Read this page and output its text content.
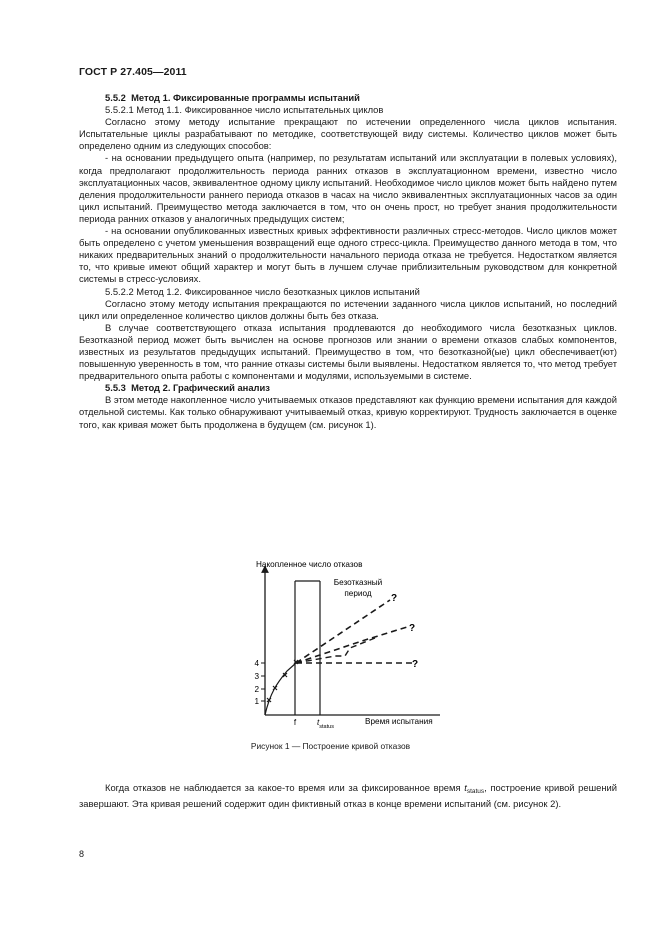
ГОСТ Р 27.405—2011

5.5.2 Метод 1. Фиксированные программы испытаний

5.5.2.1 Метод 1.1. Фиксированное число испытательных циклов

Согласно этому методу испытание прекращают по истечении определенного числа циклов испытания. Испытательные циклы разрабатывают по методике, соответствующей виду системы. Количество циклов может быть определено одним из следующих способов:

- на основании предыдущего опыта (например, по результатам испытаний или эксплуатации в полевых условиях), когда предполагают продолжительность периода ранних отказов в эксплуатационном времени, известно число эксплуатационных часов, эквивалентное одному циклу испытаний. Необходимое число циклов может быть найдено путем деления продолжительности раннего периода отказов в часах на число эквивалентных эксплуатационных часов за один цикл испытаний. Преимущество метода заключается в том, что он очень прост, но требует знания продолжительности периода ранних отказов у аналогичных предыдущих систем;

- на основании опубликованных известных кривых эффективности различных стресс-методов. Число циклов может быть определено с учетом уменьшения возвращений еще одного стресс-цикла. Преимущество данного метода в том, что никаких предварительных знаний о продолжительности начального периода отказа не требуется. Недостатком является то, что кривые имеют общий характер и могут быть в лучшем случае приблизительным руководством для конкретной системы в стресс-условиях.

5.5.2.2 Метод 1.2. Фиксированное число безотказных циклов испытаний

Согласно этому методу испытания прекращаются по истечении заданного числа циклов испытаний, но последний цикл или определенное количество циклов должны быть без отказа.

В случае соответствующего отказа испытания продлеваются до необходимого числа безотказных циклов. Безотказной период может быть вычислен на основе прогнозов или знании о времени отказов слабых компонентов, известных из результатов предыдущих испытаний. Преимущество в том, что безотказной(ые) цикл обеспечивает(ют) повышенную уверенность в том, что ранние отказы системы были выявлены. Недостатком является то, что метод требует предварительного опыта работы с компонентами и модулями, используемыми в системе.

5.5.3 Метод 2. Графический анализ

В этом методе накопленное число учитываемых отказов представляют как функцию времени испытания для каждой отдельной системы. Как только обнаруживают учитываемый отказ, кривую корректируют. Трудность заключается в оценке того, как кривая может быть продолжена в будущем (см. рисунок 1).

Накопленное число отказов
Безотказный
период ?
?
?
1
2
3
4
f	$t_{status}$
Время испытания
Рисунок 1 — Построение кривой отказов

Когда отказов не наблюдается за какое-то время или за фиксированное время $t_{status}$, построение кривой решений завершают. Эта кривая решений содержит один фиктивный отказ в конце времени испытаний (см. рисунок 2).

8
